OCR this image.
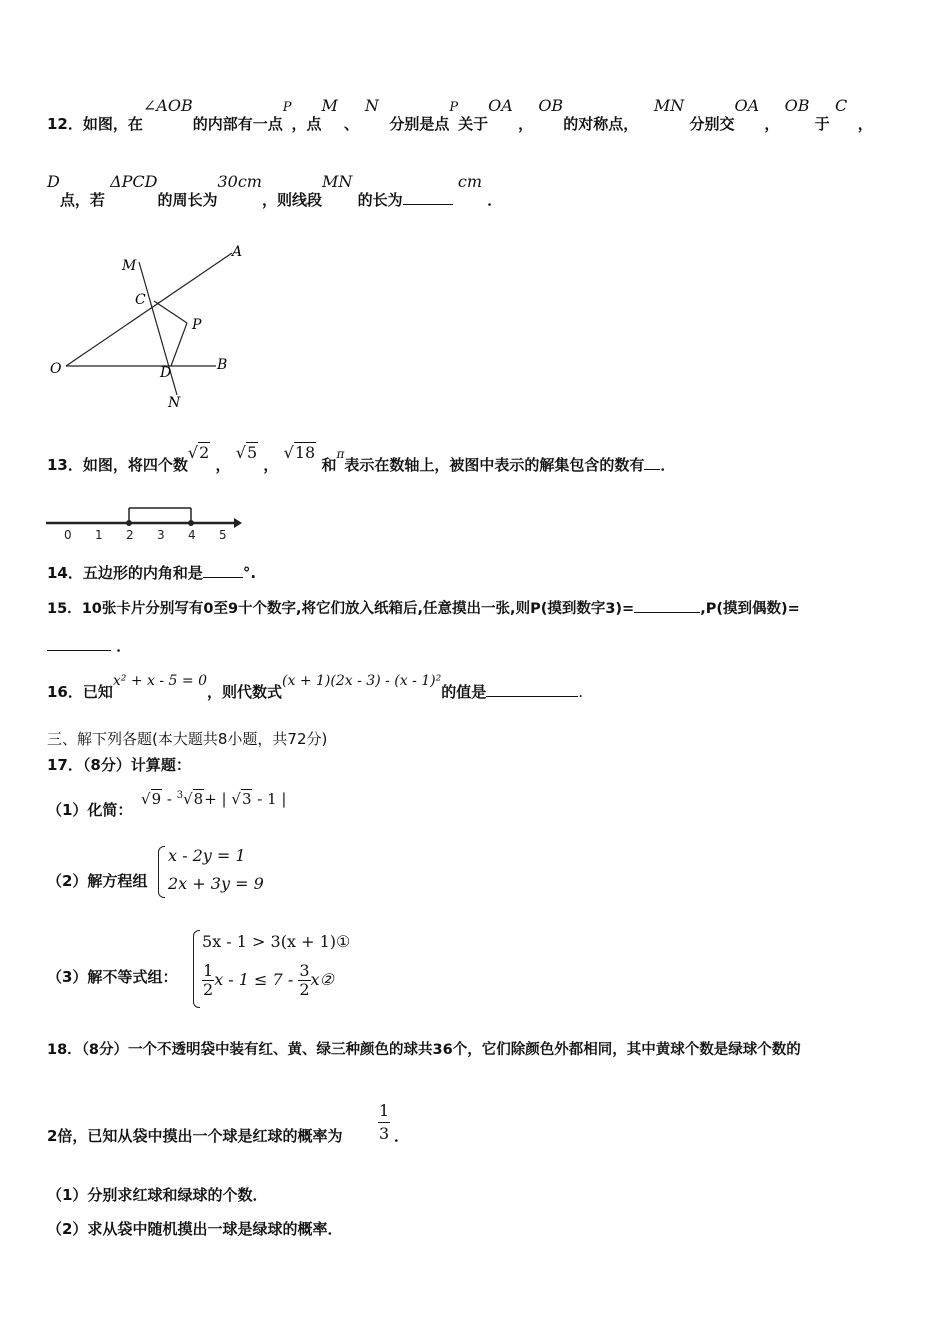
12．如图，在∠AOB的内部有一点P，点M、N  分别是点P关于OA ， OB的对称点，   MN 分别交OA ， OB 于 C  ，
D点，若 ΔPCD的周长为30cm，则线段MN 的长为 cm ．
A
M
C
P
O	D	B
N
13．如图，将四个数√2 ， √5 ， √18 和$^\pi$表示在数轴上，被图中表示的解集包含的数有 ．
0 1 2 3 4 5
14．五边形的内角和是	°.
15．10张卡片分别写有0至9十个数字,将它们放入纸箱后,任意摸出一张,则P(摸到数字3)=	,P(摸到偶数)=
．
16．已知x² + x - 5 = 0，则代数式(x + 1)(2x - 3) - (x - 1)²的值是	.
三、解下列各题(本大题共8小题，共72分)
17．（8分）计算题：
（1）化简：
√9 - $^3$√8+ | √3 - 1 |
（2）解方程组
x - 2y = 1
2x + 3y = 9
（3）解不等式组：
5x - 1 > 3(x + 1)①
$\frac{1}{2}$ $x - 1 \le 7 - \frac{3}{2}$ x②
18．（8分）一个不透明袋中装有红、黄、绿三种颜色的球共36个，它们除颜色外都相同，其中黄球个数是绿球个数的
2倍，已知从袋中摸出一个球是红球的概率为 $\frac{1}{3}$ ．
（1）分别求红球和绿球的个数．
（2）求从袋中随机摸出一球是绿球的概率．
